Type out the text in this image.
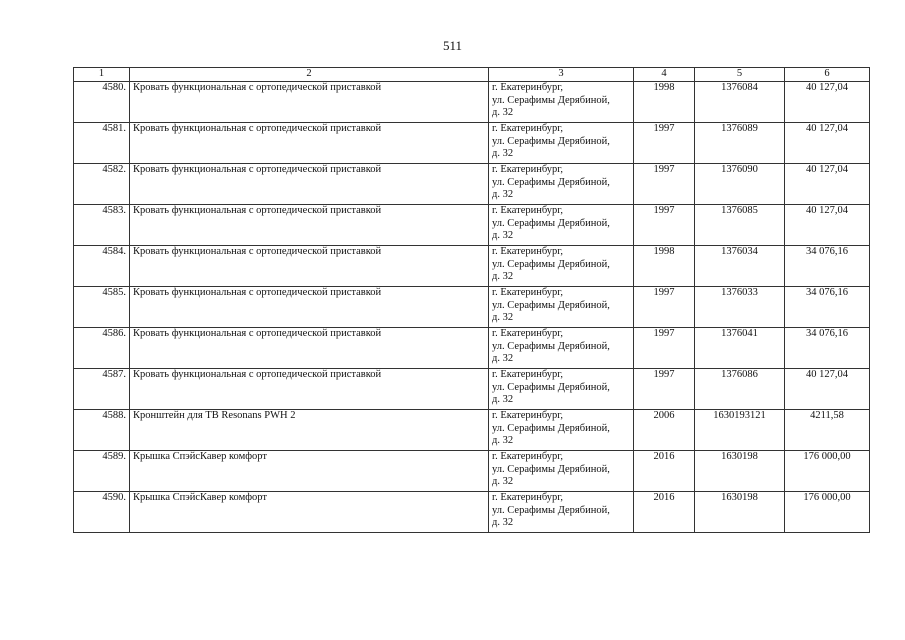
511
1	2	3	4	5	6
4580.	Кровать функциональная с ортопедической приставкой	г. Екатеринбург,
ул. Серафимы Дерябиной,
д. 32	1998	1376084	40 127,04
4581.	Кровать функциональная с ортопедической приставкой	г. Екатеринбург,
ул. Серафимы Дерябиной,
д. 32	1997	1376089	40 127,04
4582.	Кровать функциональная с ортопедической приставкой	г. Екатеринбург,
ул. Серафимы Дерябиной,
д. 32	1997	1376090	40 127,04
4583.	Кровать функциональная с ортопедической приставкой	г. Екатеринбург,
ул. Серафимы Дерябиной,
д. 32	1997	1376085	40 127,04
4584.	Кровать функциональная с ортопедической приставкой	г. Екатеринбург,
ул. Серафимы Дерябиной,
д. 32	1998	1376034	34 076,16
4585.	Кровать функциональная с ортопедической приставкой	г. Екатеринбург,
ул. Серафимы Дерябиной,
д. 32	1997	1376033	34 076,16
4586.	Кровать функциональная с ортопедической приставкой	г. Екатеринбург,
ул. Серафимы Дерябиной,
д. 32	1997	1376041	34 076,16
4587.	Кровать функциональная с ортопедической приставкой	г. Екатеринбург,
ул. Серафимы Дерябиной,
д. 32	1997	1376086	40 127,04
4588.	Кронштейн для ТВ Resonans PWH 2	г. Екатеринбург,
ул. Серафимы Дерябиной,
д. 32	2006	1630193121	4211,58
4589.	Крышка СпэйсКавер комфорт	г. Екатеринбург,
ул. Серафимы Дерябиной,
д. 32	2016	1630198	176 000,00
4590.	Крышка СпэйсКавер комфорт	г. Екатеринбург,
ул. Серафимы Дерябиной,
д. 32	2016	1630198	176 000,00
